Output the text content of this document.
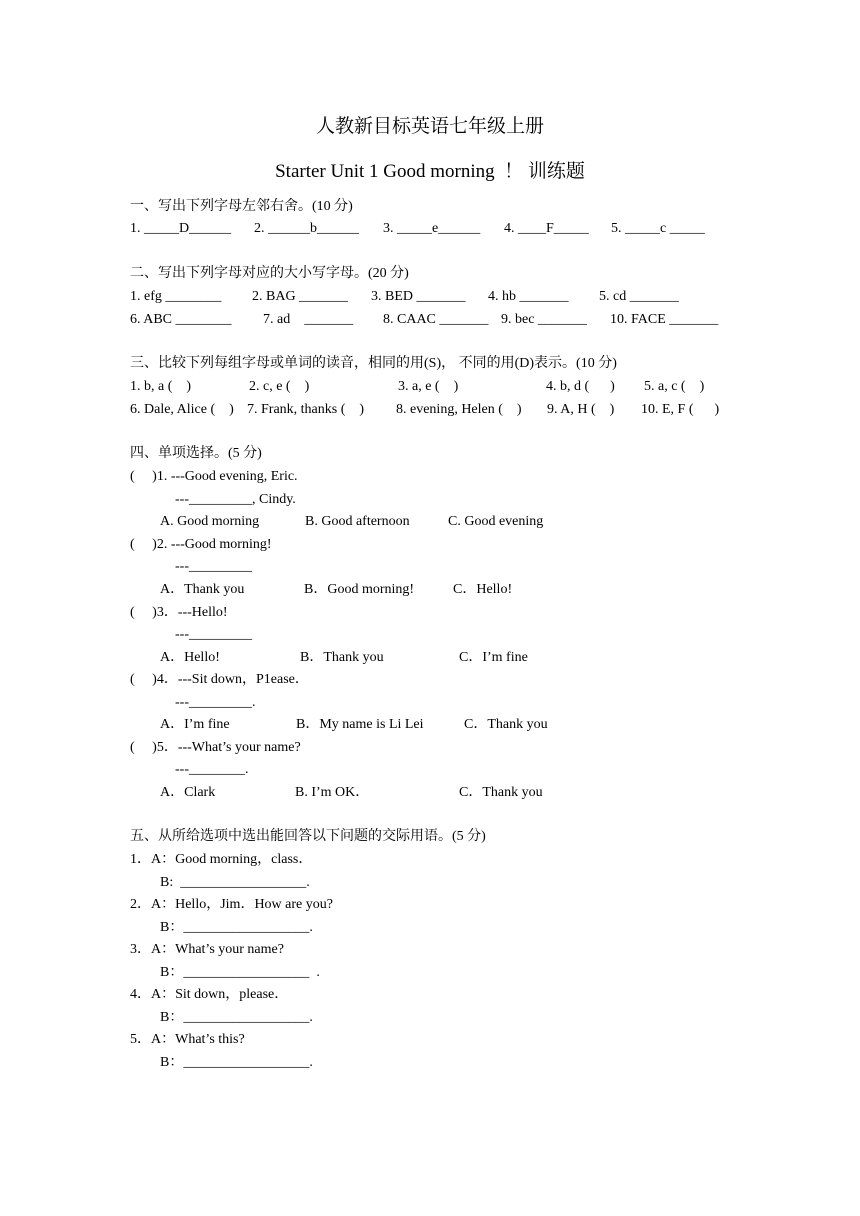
人教新目标英语七年级上册
Starter Unit 1 Good morning  ！ 训练题
一、写出下列字母左邻右舍。(10 分)
1. _____D______ 2. ______b______ 3. _____e______ 4. ____F_____ 5. _____c _____
二、写出下列字母对应的大小写字母。(20 分)
1. efg ________ 2. BAG _______ 3. BED _______ 4. hb _______ 5. cd _______
6. ABC ________ 7. ad    _______ 8. CAAC _______ 9. bec _______ 10. FACE _______
三、比较下列每组字母或单词的读音，相同的用(S)， 不同的用(D)表示。(10 分)
1. b, a (    )	2. c, e (    )	3. a, e (    )	4. b, d (      ) 5. a, c (    )
6. Dale, Alice (    ) 7. Frank, thanks (    ) 8. evening, Helen (    ) 9. A, H (    ) 10. E, F (      )
四、单项选择。(5 分)
(     )1. ---Good evening, Eric.
---_________, Cindy.
A. Good morning	B. Good afternoon	C. Good evening
(     )2. ---Good morning!
---_________
A．Thank you	B．Good morning!	C．Hello!
(     )3．---Hello!
---_________
A．Hello!	B．Thank you	C．I’m fine
(     )4．---Sit down，P1ease．
---_________.
A．I’m fine	B．My name is Li Lei	C．Thank you
(     )5．---What’s your name?
---________.
A．Clark	B. I’m OK．	C．Thank you
五、从所给选项中选出能回答以下问题的交际用语。(5 分)
1．A：Good morning，class．
B:  __________________.
2．A：Hello，Jim．How are you?
B：__________________.
3．A：What’s your name?
B：__________________  .
4．A：Sit down，please．
B：__________________.
5．A：What’s this?
B：__________________.
